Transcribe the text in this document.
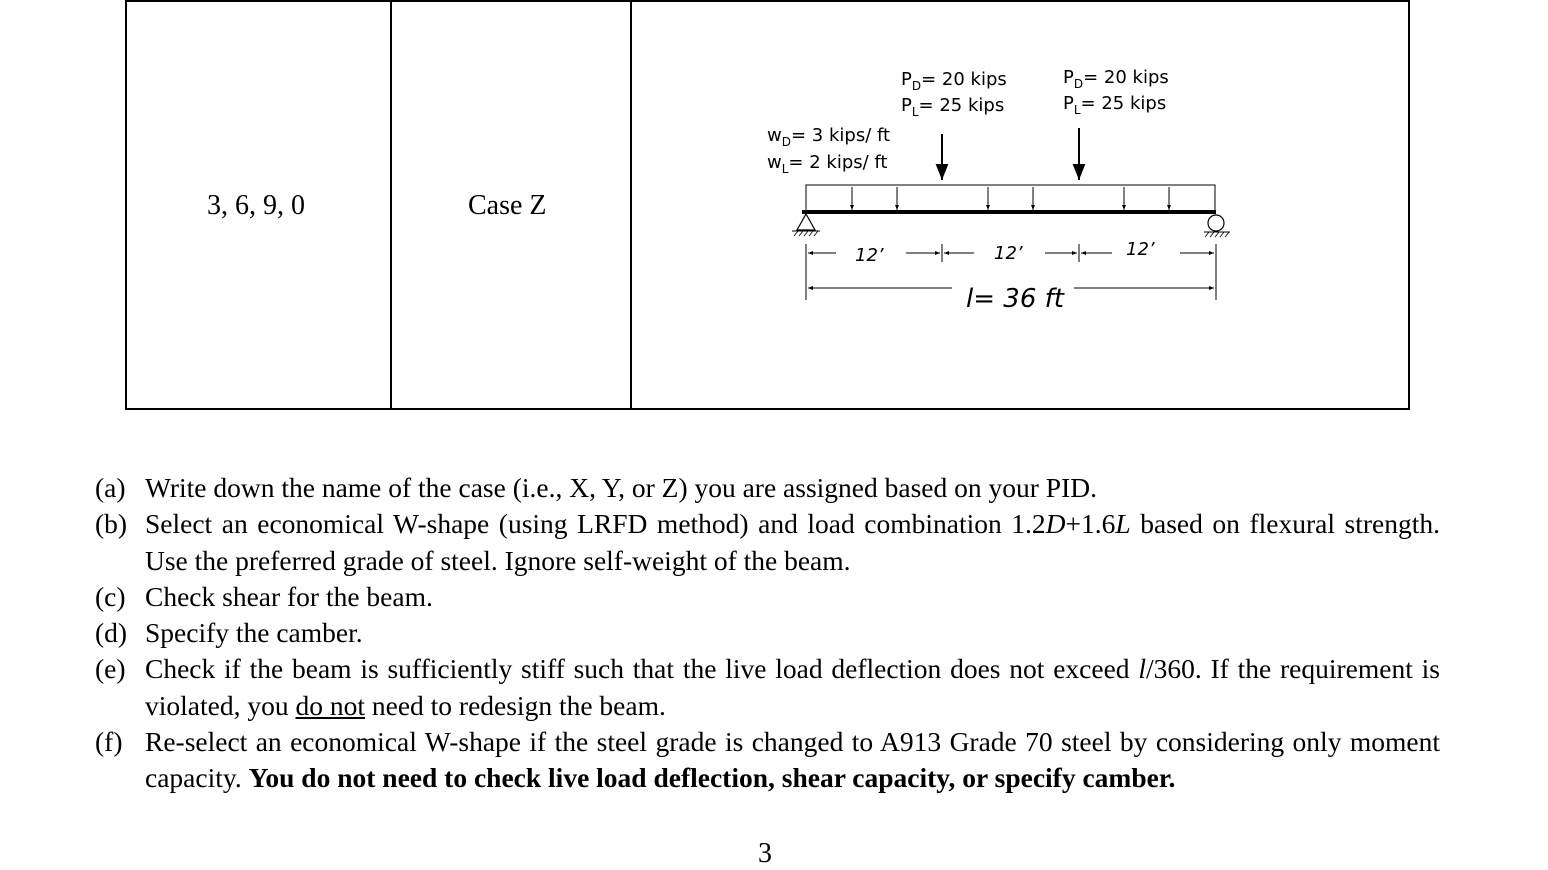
3, 6, 9, 0	Case Z
$P_D= 20$ kips
$P_L= 25$ kips
$P_D= 20$ kips
$P_L= 25$ kips
$w_D= 3$ kips/ ft
$w_L= 2$ kips/ ft
12’	12’	12’
l= 36 ft
(a) Write down the name of the case (i.e., X, Y, or Z) you are assigned based on your PID.
(b) Select an economical W-shape (using LRFD method) and load combination 1.2D+1.6L based on flexural strength. Use the preferred grade of steel. Ignore self-weight of the beam.
(c) Check shear for the beam.
(d) Specify the camber.
(e) Check if the beam is sufficiently stiff such that the live load deflection does not exceed l/360. If the requirement is violated, you do not need to redesign the beam.
(f) Re-select an economical W-shape if the steel grade is changed to A913 Grade 70 steel by considering only moment capacity. You do not need to check live load deflection, shear capacity, or specify camber.
3
